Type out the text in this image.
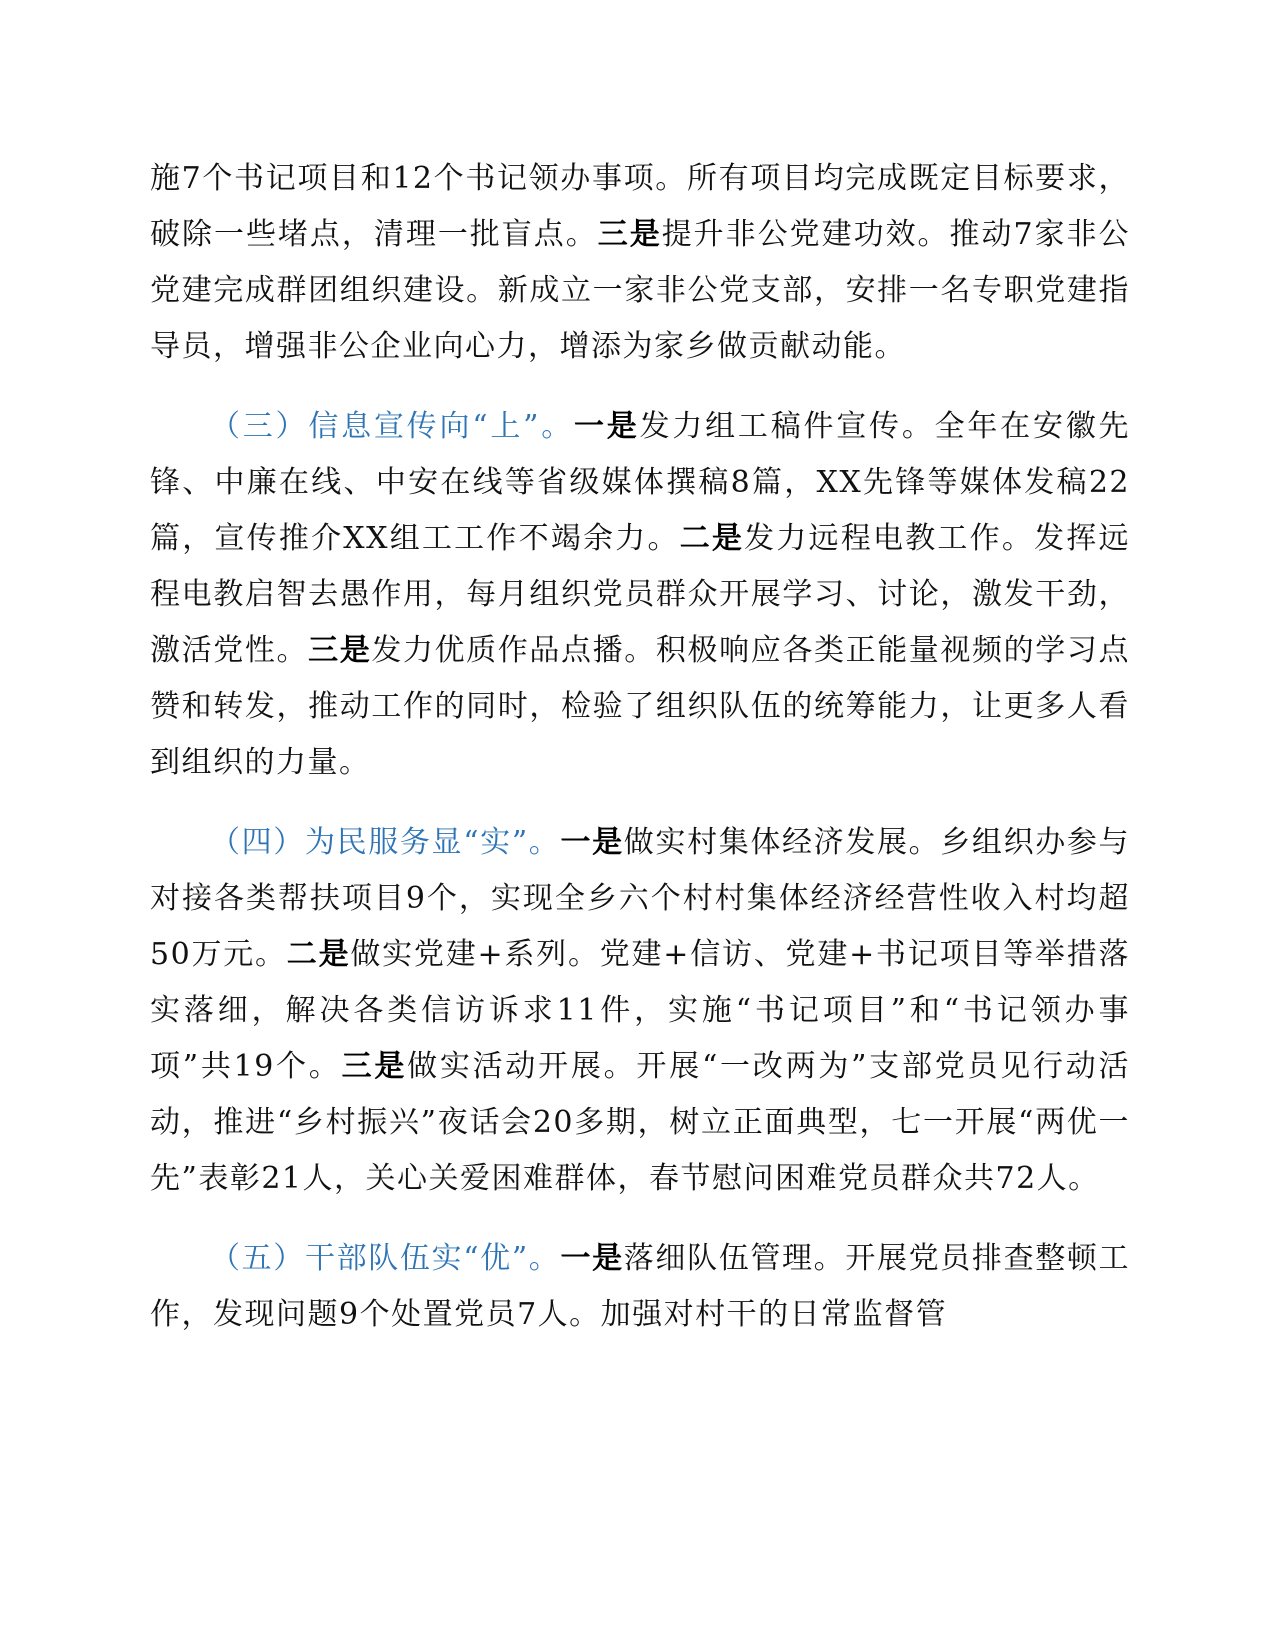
施7个书记项目和12个书记领办事项。所有项目均完成既定目标要求，破除一些堵点，清理一批盲点。三是提升非公党建功效。推动7家非公党建完成群团组织建设。新成立一家非公党支部，安排一名专职党建指导员，增强非公企业向心力，增添为家乡做贡献动能。

（三）信息宣传向“上”。一是发力组工稿件宣传。全年在安徽先锋、中廉在线、中安在线等省级媒体撰稿8篇，XX先锋等媒体发稿22篇，宣传推介XX组工工作不竭余力。二是发力远程电教工作。发挥远程电教启智去愚作用，每月组织党员群众开展学习、讨论，激发干劲，激活党性。三是发力优质作品点播。积极响应各类正能量视频的学习点赞和转发，推动工作的同时，检验了组织队伍的统筹能力，让更多人看到组织的力量。

（四）为民服务显“实”。一是做实村集体经济发展。乡组织办参与对接各类帮扶项目9个，实现全乡六个村村集体经济经营性收入村均超50万元。二是做实党建+系列。党建+信访、党建+书记项目等举措落实落细，解决各类信访诉求11件，实施“书记项目”和“书记领办事项”共19个。三是做实活动开展。开展“一改两为”支部党员见行动活动，推进“乡村振兴”夜话会20多期，树立正面典型，七一开展“两优一先”表彰21人，关心关爱困难群体，春节慰问困难党员群众共72人。

（五）干部队伍实“优”。一是落细队伍管理。开展党员排查整顿工作，发现问题9个处置党员7人。加强对村干的日常监督管
